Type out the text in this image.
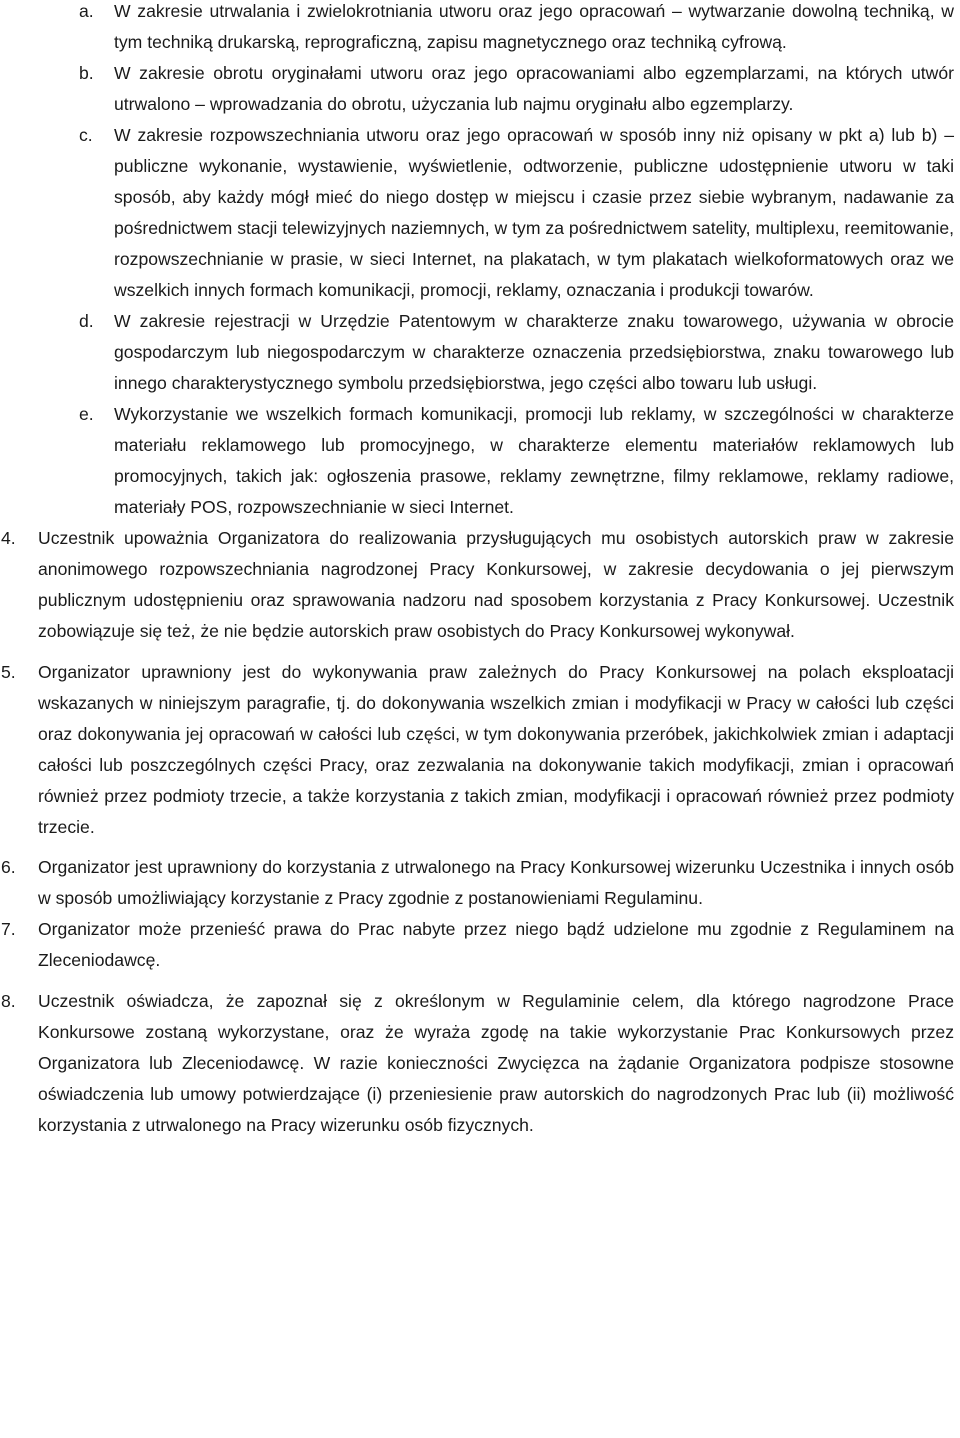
a. W zakresie utrwalania i zwielokrotniania utworu oraz jego opracowań – wytwarzanie dowolną techniką, w tym techniką drukarską, reprograficzną, zapisu magnetycznego oraz techniką cyfrową.
b. W zakresie obrotu oryginałami utworu oraz jego opracowaniami albo egzemplarzami, na których utwór utrwalono – wprowadzania do obrotu, użyczania lub najmu oryginału albo egzemplarzy.
c. W zakresie rozpowszechniania utworu oraz jego opracowań w sposób inny niż opisany w pkt a) lub b) – publiczne wykonanie, wystawienie, wyświetlenie, odtworzenie, publiczne udostępnienie utworu w taki sposób, aby każdy mógł mieć do niego dostęp w miejscu i czasie przez siebie wybranym, nadawanie za pośrednictwem stacji telewizyjnych naziemnych, w tym za pośrednictwem satelity, multiplexu, reemitowanie, rozpowszechnianie w prasie, w sieci Internet, na plakatach, w tym plakatach wielkoformatowych oraz we wszelkich innych formach komunikacji, promocji, reklamy, oznaczania i produkcji towarów.
d. W zakresie rejestracji w Urzędzie Patentowym w charakterze znaku towarowego, używania w obrocie gospodarczym lub niegospodarczym w charakterze oznaczenia przedsiębiorstwa, znaku towarowego lub innego charakterystycznego symbolu przedsiębiorstwa, jego części albo towaru lub usługi.
e. Wykorzystanie we wszelkich formach komunikacji, promocji lub reklamy, w szczególności w charakterze materiału reklamowego lub promocyjnego, w charakterze elementu materiałów reklamowych lub promocyjnych, takich jak: ogłoszenia prasowe, reklamy zewnętrzne, filmy reklamowe, reklamy radiowe, materiały POS, rozpowszechnianie w sieci Internet.
4. Uczestnik upoważnia Organizatora do realizowania przysługujących mu osobistych autorskich praw w zakresie anonimowego rozpowszechniania nagrodzonej Pracy Konkursowej, w zakresie decydowania o jej pierwszym publicznym udostępnieniu oraz sprawowania nadzoru nad sposobem korzystania z Pracy Konkursowej. Uczestnik zobowiązuje się też, że nie będzie autorskich praw osobistych do Pracy Konkursowej wykonywał.
5. Organizator uprawniony jest do wykonywania praw zależnych do Pracy Konkursowej na polach eksploatacji wskazanych w niniejszym paragrafie, tj. do dokonywania wszelkich zmian i modyfikacji w Pracy w całości lub części oraz dokonywania jej opracowań w całości lub części, w tym dokonywania przeróbek, jakichkolwiek zmian i adaptacji całości lub poszczególnych części Pracy, oraz zezwalania na dokonywanie takich modyfikacji, zmian i opracowań również przez podmioty trzecie, a także korzystania z takich zmian, modyfikacji i opracowań również przez podmioty trzecie.
6. Organizator jest uprawniony do korzystania z utrwalonego na Pracy Konkursowej wizerunku Uczestnika i innych osób w sposób umożliwiający korzystanie z Pracy zgodnie z postanowieniami Regulaminu.
7. Organizator może przenieść prawa do Prac nabyte przez niego bądź udzielone mu zgodnie z Regulaminem na Zleceniodawcę.
8. Uczestnik oświadcza, że zapoznał się z określonym w Regulaminie celem, dla którego nagrodzone Prace Konkursowe zostaną wykorzystane, oraz że wyraża zgodę na takie wykorzystanie Prac Konkursowych przez Organizatora lub Zleceniodawcę. W razie konieczności Zwycięzca na żądanie Organizatora podpisze stosowne oświadczenia lub umowy potwierdzające (i) przeniesienie praw autorskich do nagrodzonych Prac lub (ii) możliwość korzystania z utrwalonego na Pracy wizerunku osób fizycznych.
